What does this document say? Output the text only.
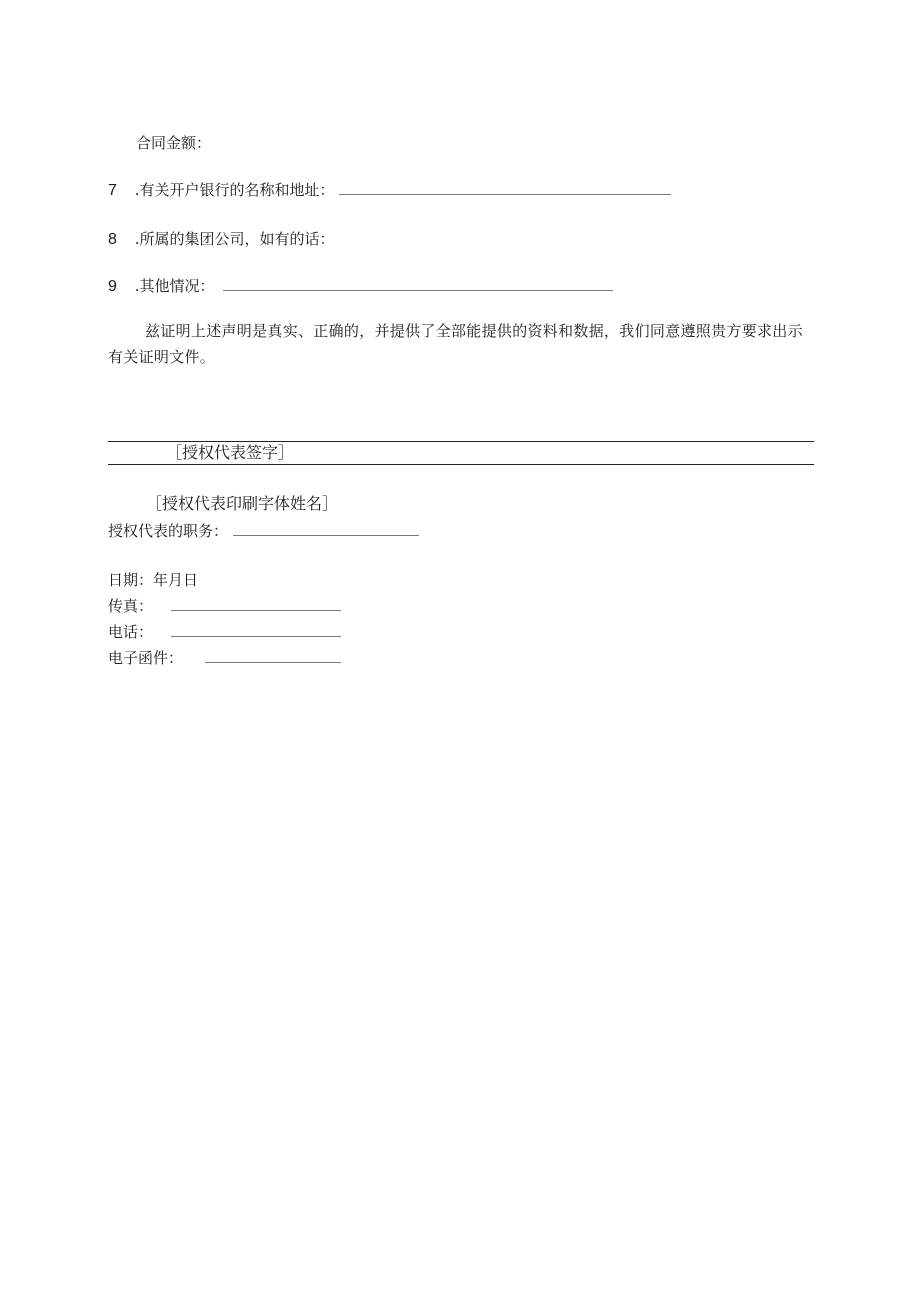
合同金额：
7 .有关开户银行的名称和地址：
8 .所属的集团公司，如有的话：
9 .其他情况：
兹证明上述声明是真实、正确的，并提供了全部能提供的资料和数据，我们同意遵照贵方要求出示有关证明文件。
［授权代表签字］
［授权代表印刷字体姓名］
授权代表的职务：
日期：年月日
传真：
电话：
电子函件：
